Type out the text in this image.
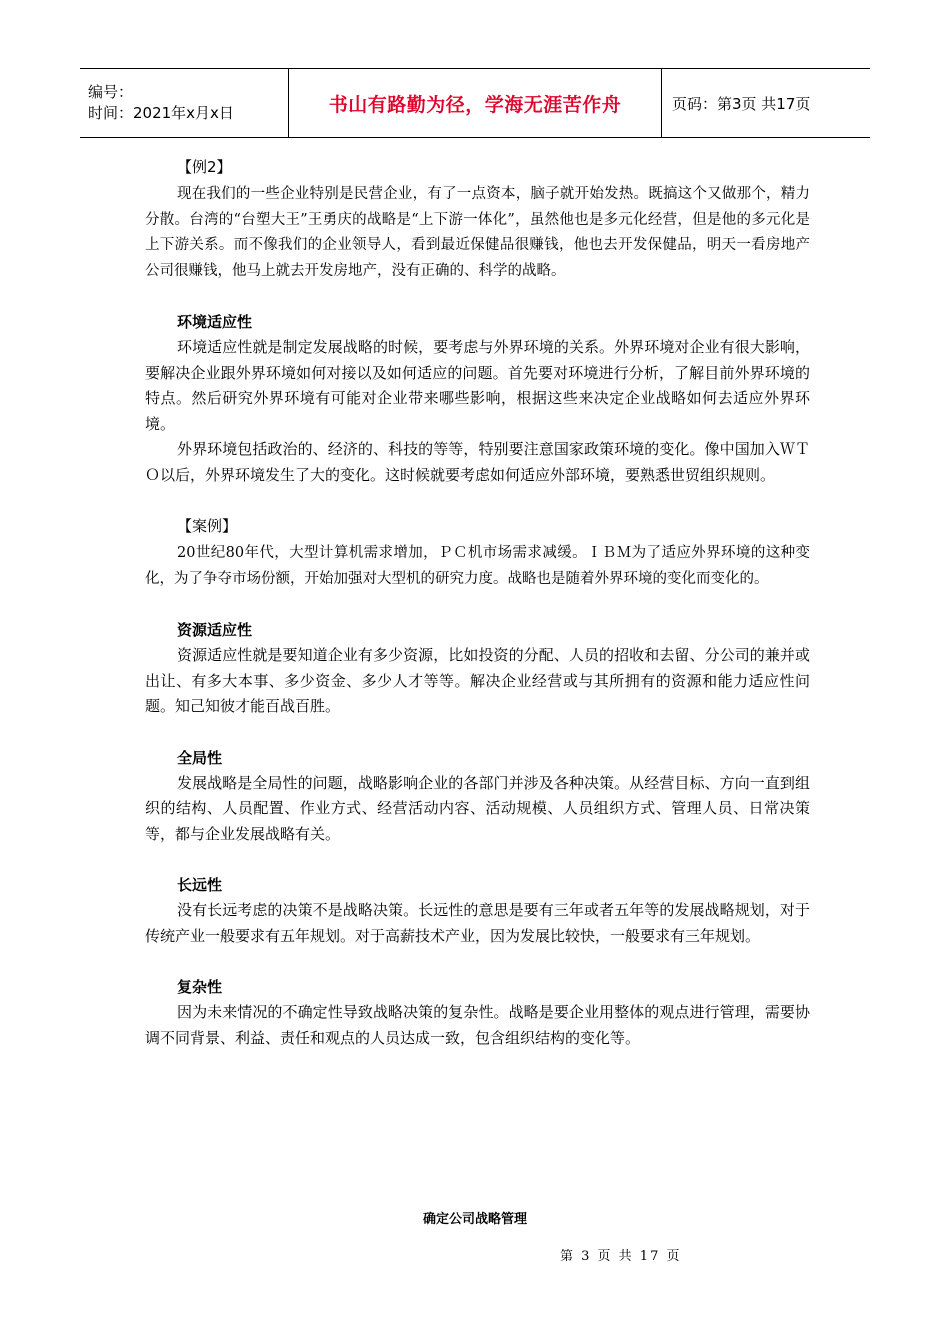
编号：
时间：2021年x月x日	书山有路勤为径，学海无涯苦作舟	页码：第3页 共17页
【例2】

现在我们的一些企业特别是民营企业，有了一点资本，脑子就开始发热。既搞这个又做那个，精力分散。台湾的“台塑大王”王勇庆的战略是“上下游一体化”，虽然他也是多元化经营，但是他的多元化是上下游关系。而不像我们的企业领导人，看到最近保健品很赚钱，他也去开发保健品，明天一看房地产公司很赚钱，他马上就去开发房地产，没有正确的、科学的战略。

环境适应性

环境适应性就是制定发展战略的时候，要考虑与外界环境的关系。外界环境对企业有很大影响，要解决企业跟外界环境如何对接以及如何适应的问题。首先要对环境进行分析，了解目前外界环境的特点。然后研究外界环境有可能对企业带来哪些影响，根据这些来决定企业战略如何去适应外界环境。

外界环境包括政治的、经济的、科技的等等，特别要注意国家政策环境的变化。像中国加入ＷＴＯ以后，外界环境发生了大的变化。这时候就要考虑如何适应外部环境，要熟悉世贸组织规则。

【案例】

20世纪80年代，大型计算机需求增加，ＰＣ机市场需求减缓。ＩＢＭ为了适应外界环境的这种变化，为了争夺市场份额，开始加强对大型机的研究力度。战略也是随着外界环境的变化而变化的。

资源适应性

资源适应性就是要知道企业有多少资源，比如投资的分配、人员的招收和去留、分公司的兼并或出让、有多大本事、多少资金、多少人才等等。解决企业经营或与其所拥有的资源和能力适应性问题。知己知彼才能百战百胜。

全局性

发展战略是全局性的问题，战略影响企业的各部门并涉及各种决策。从经营目标、方向一直到组织的结构、人员配置、作业方式、经营活动内容、活动规模、人员组织方式、管理人员、日常决策等，都与企业发展战略有关。

长远性

没有长远考虑的决策不是战略决策。长远性的意思是要有三年或者五年等的发展战略规划，对于传统产业一般要求有五年规划。对于高薪技术产业，因为发展比较快，一般要求有三年规划。

复杂性

因为未来情况的不确定性导致战略决策的复杂性。战略是要企业用整体的观点进行管理，需要协调不同背景、利益、责任和观点的人员达成一致，包含组织结构的变化等。

确定公司战略管理
第 3 页 共 17 页
